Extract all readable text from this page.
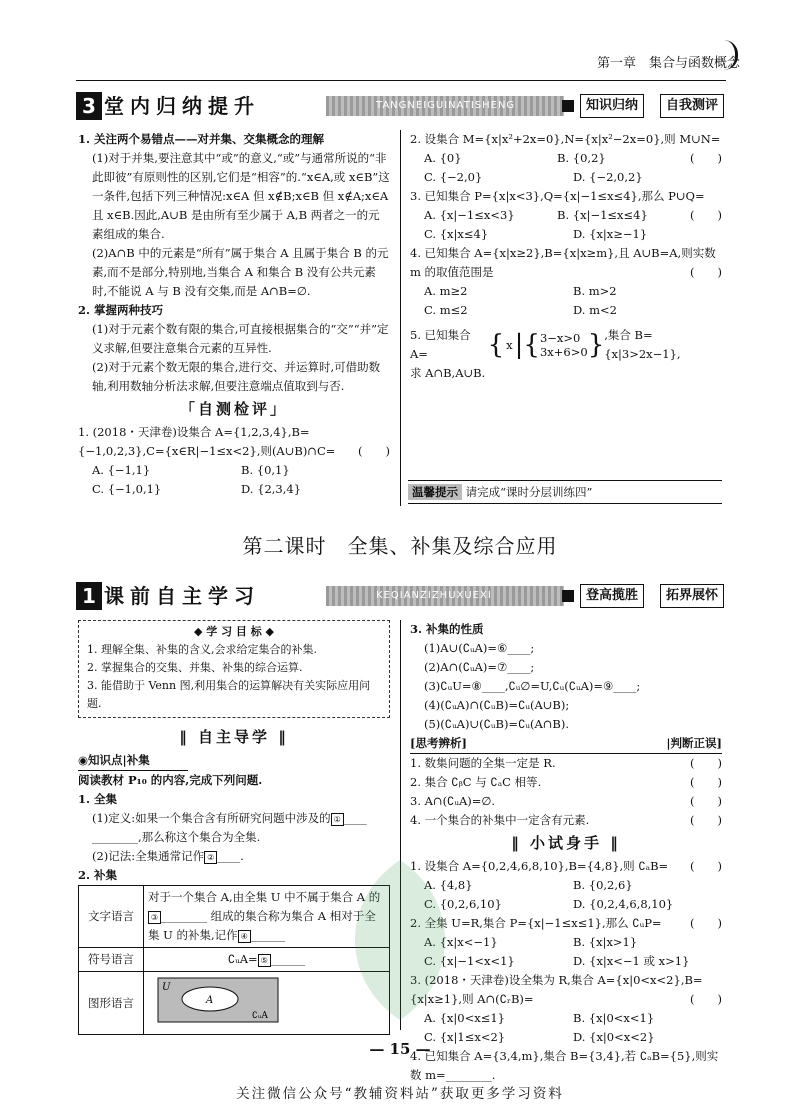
第一章　集合与函数概念
3 堂内归纳提升	TANGNEIGUINATISHENG	知识归纳	自我测评

1. 关注两个易错点——对并集、交集概念的理解

(1)对于并集,要注意其中“或”的意义,“或”与通常所说的“非此即彼”有原则性的区别,它们是“相容”的.“x∈A,或 x∈B”这一条件,包括下列三种情况:x∈A 但 x∉B;x∈B 但 x∉A;x∈A 且 x∈B.因此,A∪B 是由所有至少属于 A,B 两者之一的元素组成的集合.

(2)A∩B 中的元素是“所有”属于集合 A 且属于集合 B 的元素,而不是部分,特别地,当集合 A 和集合 B 没有公共元素时,不能说 A 与 B 没有交集,而是 A∩B=∅.

2. 掌握两种技巧

(1)对于元素个数有限的集合,可直接根据集合的“交”“并”定义求解,但要注意集合元素的互异性.

(2)对于元素个数无限的集合,进行交、并运算时,可借助数轴,利用数轴分析法求解,但要注意端点值取到与否.

「自测检评」

1. (2018・天津卷)设集合 A={1,2,3,4},B={−1,0,2,3},C={x∈R|−1≤x<2},则(A∪B)∩C= (　　)

A. {−1,1}	B. {0,1}
C. {−1,0,1}	D. {2,3,4}

2. 设集合 M={x|x²+2x=0},N={x|x²−2x=0},则 M∪N=
(　　)

A. {0}	B. {0,2}
C. {−2,0}	D. {−2,0,2}

3. 已知集合 P={x|x<3},Q={x|−1≤x≤4},那么 P∪Q=
(　　)

A. {x|−1≤x<3}	B. {x|−1≤x≤4}
C. {x|x≤4}	D. {x|x≥−1}

4. 已知集合 A={x|x≥2},B={x|x≥m},且 A∪B=A,则实数 m 的取值范围是	(　　)

A. m≥2	B. m>2
C. m≤2	D. m<2
5. 已知集合 A=	{ x | { 3−x>0
3x+6>0 } ,集合 B={x|3>2x−1},

求 A∩B,A∪B.

温馨提示 请完成“课时分层训练四”
第二课时　全集、补集及综合应用
1 课前自主学习	KEQIANZIZHUXUEXI	登高揽胜	拓界展怀
◆ 学 习 目 标 ◆
1. 理解全集、补集的含义,会求给定集合的补集.
2. 掌握集合的交集、并集、补集的综合运算.
3. 能借助于 Venn 图,利用集合的运算解决有关实际应用问题.
‖ 自主导学 ‖

◉知识点|补集

阅读教材 P₁₀ 的内容,完成下列问题.

1. 全集

(1)定义:如果一个集合含有所研究问题中涉及的 ① ____

________,那么称这个集合为全集.

(2)记法:全集通常记作 ② ____.

2. 补集

文字语言	对于一个集合 A,由全集 U 中不属于集合 A 的
③ ________ 组成的集合称为集合 A 相对于全集 U 的补集,记作 ④ ______
符号语言	∁ᵤA= ⑤ ______
图形语言	U
A
∁ᵤA

3. 补集的性质

(1)A∪(∁ᵤA)=⑥____;

(2)A∩(∁ᵤA)=⑦____;

(3)∁ᵤU=⑧____,∁ᵤ∅=U,∁ᵤ(∁ᵤA)=⑨____;

(4)(∁ᵤA)∩(∁ᵤB)=∁ᵤ(A∪B);

(5)(∁ᵤA)∪(∁ᵤB)=∁ᵤ(A∩B).

[思考辨析]	|判断正误]

1. 数集问题的全集一定是 R.	(　　)

2. 集合 ∁ᵦC 与 ∁ₐC 相等.	(　　)

3. A∩(∁ᵤA)=∅.	(　　)

4. 一个集合的补集中一定含有元素.	(　　)

‖ 小试身手 ‖

1. 设集合 A={0,2,4,6,8,10},B={4,8},则 ∁ₐB= (　　)

A. {4,8}	B. {0,2,6}
C. {0,2,6,10}	D. {0,2,4,6,8,10}

2. 全集 U=R,集合 P={x|−1≤x≤1},那么 ∁ᵤP= (　　)

A. {x|x<−1}	B. {x|x>1}
C. {x|−1<x<1}	D. {x|x<−1 或 x>1}

3. (2018・天津卷)设全集为 R,集合 A={x|0<x<2},B={x|x≥1},则 A∩(∁ᵣB)=	(　　)

A. {x|0<x≤1}	B. {x|0<x<1}
C. {x|1≤x<2}	D. {x|0<x<2}

4. 已知集合 A={3,4,m},集合 B={3,4},若 ∁ₐB={5},则实数 m=________.

— 15 —
关注微信公众号“教辅资料站”获取更多学习资料
